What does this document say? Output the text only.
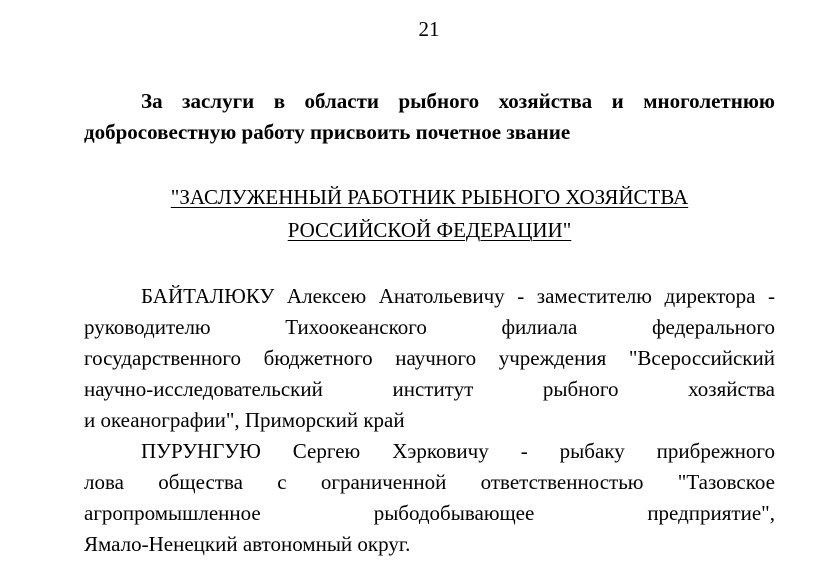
21
За заслуги в области рыбного хозяйства и многолетнюю
добросовестную работу присвоить почетное звание
"ЗАСЛУЖЕННЫЙ РАБОТНИК РЫБНОГО ХОЗЯЙСТВА
РОССИЙСКОЙ ФЕДЕРАЦИИ"
БАЙТАЛЮКУ Алексею Анатольевичу - заместителю директора -
руководителю	Тихоокеанского	филиала	федерального
государственного бюджетного научного учреждения "Всероссийский
научно-исследовательский	институт	рыбного	хозяйства
и океанографии", Приморский край
ПУРУНГУЮ Сергею Хэрковичу - рыбаку прибрежного
лова общества с ограниченной ответственностью "Тазовское
агропромышленное	рыбодобывающее	предприятие",
Ямало-Ненецкий автономный округ.
